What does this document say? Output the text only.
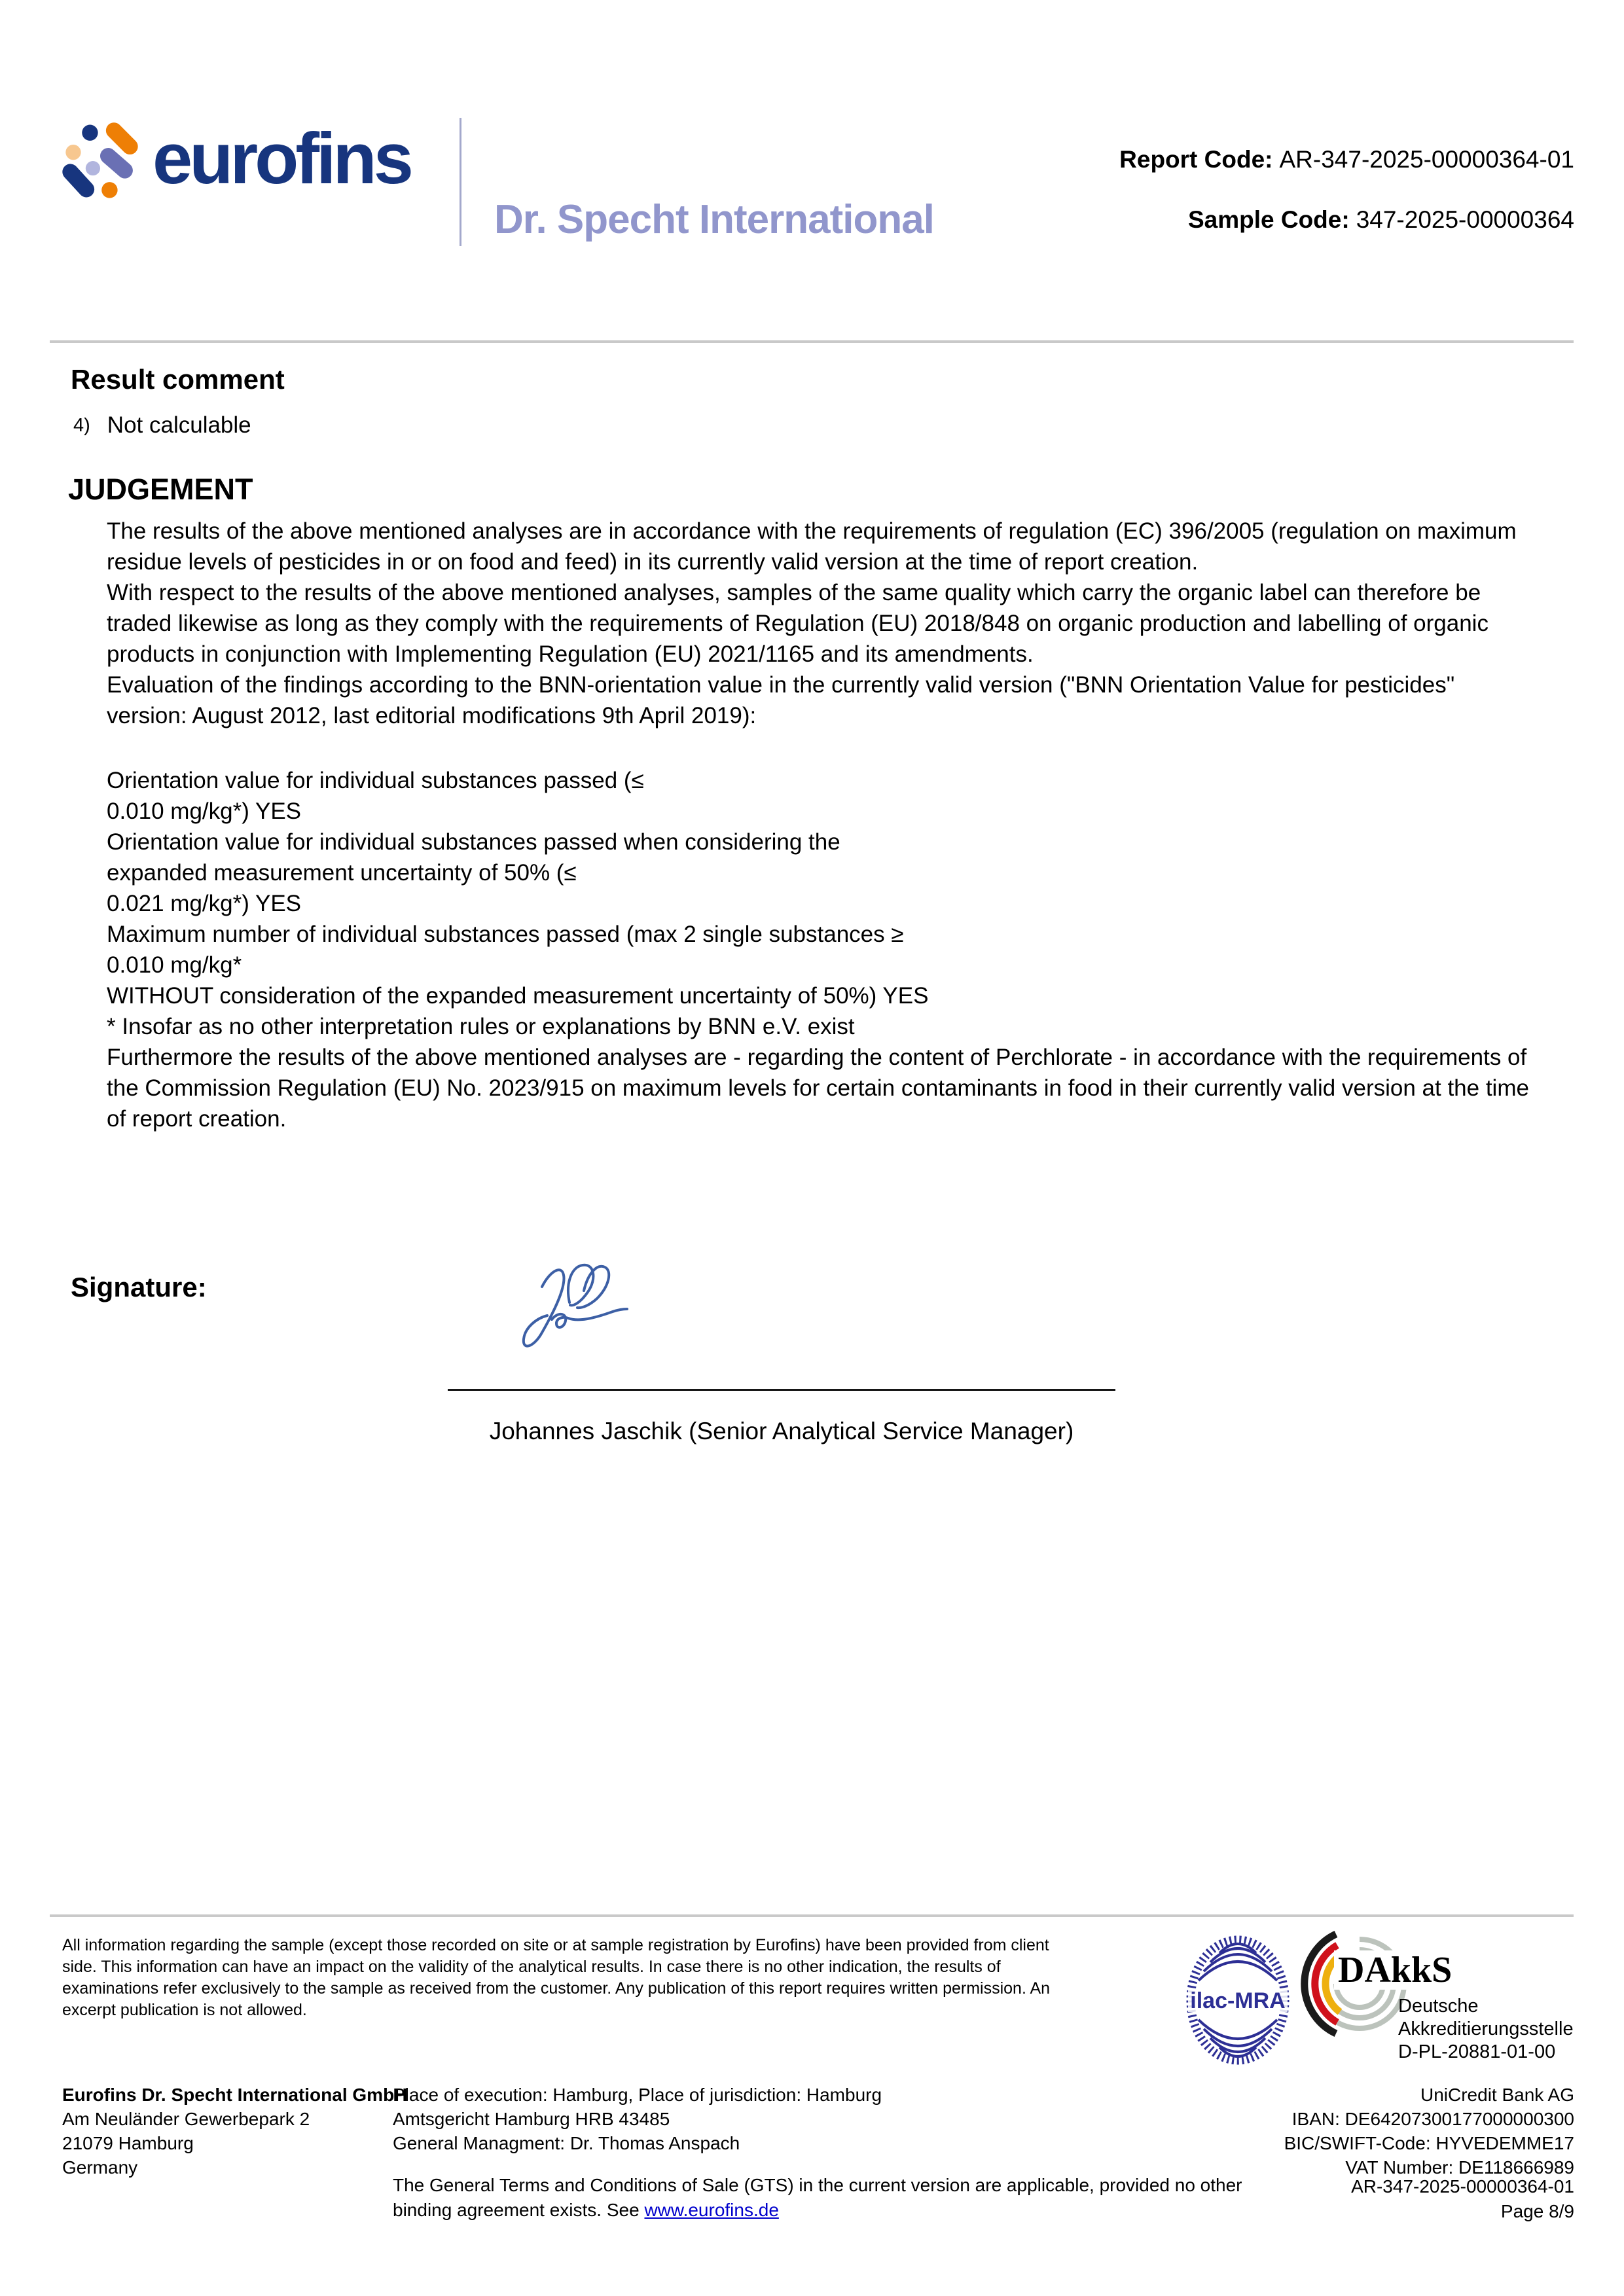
eurofins
Dr. Specht International
Report Code: AR-347-2025-00000364-01
Sample Code: 347-2025-00000364
Result comment
4) Not calculable
JUDGEMENT

The results of the above mentioned analyses are in accordance with the requirements of regulation (EC) 396/2005 (regulation on maximum residue levels of pesticides in or on food and feed) in its currently valid version at the time of report creation.

With respect to the results of the above mentioned analyses, samples of the same quality which carry the organic label can therefore be traded likewise as long as they comply with the requirements of Regulation (EU) 2018/848 on organic production and labelling of organic products in conjunction with Implementing Regulation (EU) 2021/1165 and its amendments.

Evaluation of the findings according to the BNN-orientation value in the currently valid version ("BNN Orientation Value for pesticides" version: August 2012, last editorial modifications 9th April 2019):

Orientation value for individual substances passed (≤
0.010 mg/kg*) YES
Orientation value for individual substances passed when considering the
expanded measurement uncertainty of 50% (≤
0.021 mg/kg*) YES
Maximum number of individual substances passed (max 2 single substances ≥
0.010 mg/kg*
WITHOUT consideration of the expanded measurement uncertainty of 50%) YES

* Insofar as no other interpretation rules or explanations by BNN e.V. exist

Furthermore the results of the above mentioned analyses are - regarding the content of Perchlorate - in accordance with the requirements of the Commission Regulation (EU) No. 2023/915 on maximum levels for certain contaminants in food in their currently valid version at the time of report creation.

Signature:
Johannes Jaschik (Senior Analytical Service Manager)
All information regarding the sample (except those recorded on site or at sample registration by Eurofins) have been provided from client side. This information can have an impact on the validity of the analytical results. In case there is no other indication, the results of examinations refer exclusively to the sample as received from the customer. Any publication of this report requires written permission. An excerpt publication is not allowed.	ilac-MRA
DAkkS
Deutsche
Akkreditierungsstelle
D-PL-20881-01-00
Eurofins Dr. Specht International GmbH
Am Neuländer Gewerbepark 2
21079 Hamburg
Germany
Place of execution: Hamburg, Place of jurisdiction: Hamburg
Amtsgericht Hamburg HRB 43485
General Managment: Dr. Thomas Anspach
UniCredit Bank AG
IBAN: DE64207300177000000300
BIC/SWIFT-Code: HYVEDEMME17
VAT Number: DE118666989
The General Terms and Conditions of Sale (GTS) in the current version are applicable, provided no other binding agreement exists. See www.eurofins.de
AR-347-2025-00000364-01
Page 8/9
